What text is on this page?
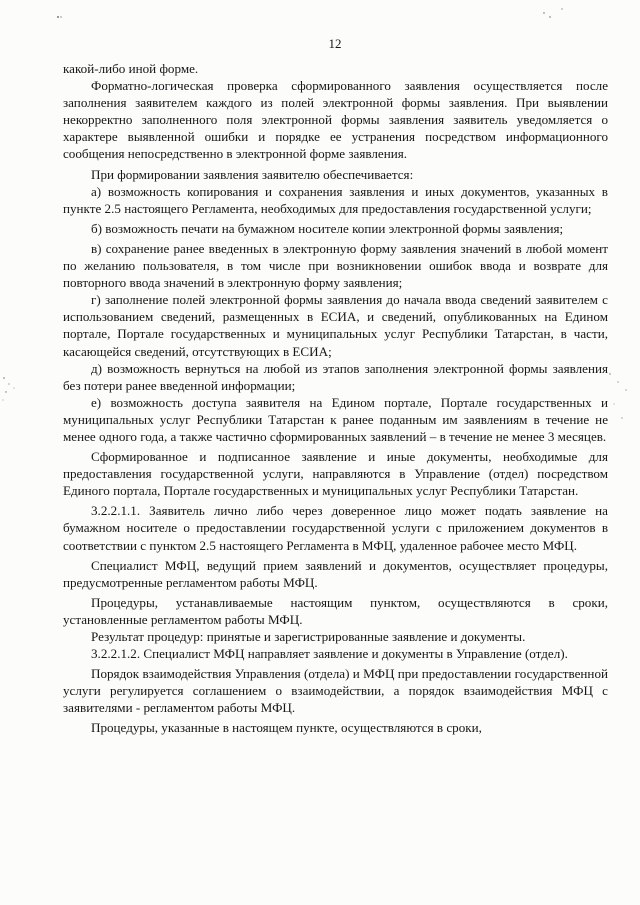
12

какой-либо иной форме.

Форматно-логическая проверка сформированного заявления осуществляется после заполнения заявителем каждого из полей электронной формы заявления. При выявлении некорректно заполненного поля электронной формы заявления заявитель уведомляется о характере выявленной ошибки и порядке ее устранения посредством информационного сообщения непосредственно в электронной форме заявления.

При формировании заявления заявителю обеспечивается:

а) возможность копирования и сохранения заявления и иных документов, указанных в пункте 2.5 настоящего Регламента, необходимых для предоставления государственной услуги;

б) возможность печати на бумажном носителе копии электронной формы заявления;

в) сохранение ранее введенных в электронную форму заявления значений в любой момент по желанию пользователя, в том числе при возникновении ошибок ввода и возврате для повторного ввода значений в электронную форму заявления;

г) заполнение полей электронной формы заявления до начала ввода сведений заявителем с использованием сведений, размещенных в ЕСИА, и сведений, опубликованных на Едином портале, Портале государственных и муниципальных услуг Республики Татарстан, в части, касающейся сведений, отсутствующих в ЕСИА;

д) возможность вернуться на любой из этапов заполнения электронной формы заявления без потери ранее введенной информации;

е) возможность доступа заявителя на Едином портале, Портале государственных и муниципальных услуг Республики Татарстан к ранее поданным им заявлениям в течение не менее одного года, а также частично сформированных заявлений – в течение не менее 3 месяцев.

Сформированное и подписанное заявление и иные документы, необходимые для предоставления государственной услуги, направляются в Управление (отдел) посредством Единого портала, Портале государственных и муниципальных услуг Республики Татарстан.

3.2.2.1.1. Заявитель лично либо через доверенное лицо может подать заявление на бумажном носителе о предоставлении государственной услуги с приложением документов в соответствии с пунктом 2.5 настоящего Регламента в МФЦ, удаленное рабочее место МФЦ.

Специалист МФЦ, ведущий прием заявлений и документов, осуществляет процедуры, предусмотренные регламентом работы МФЦ.

Процедуры, устанавливаемые настоящим пунктом, осуществляются в сроки, установленные регламентом работы МФЦ.

Результат процедур: принятые и зарегистрированные заявление и документы.

3.2.2.1.2. Специалист МФЦ направляет заявление и документы в Управление (отдел).

Порядок взаимодействия Управления (отдела) и МФЦ при предоставлении государственной услуги регулируется соглашением о взаимодействии, а порядок взаимодействия МФЦ с заявителями - регламентом работы МФЦ.

Процедуры, указанные в настоящем пункте, осуществляются в сроки,
